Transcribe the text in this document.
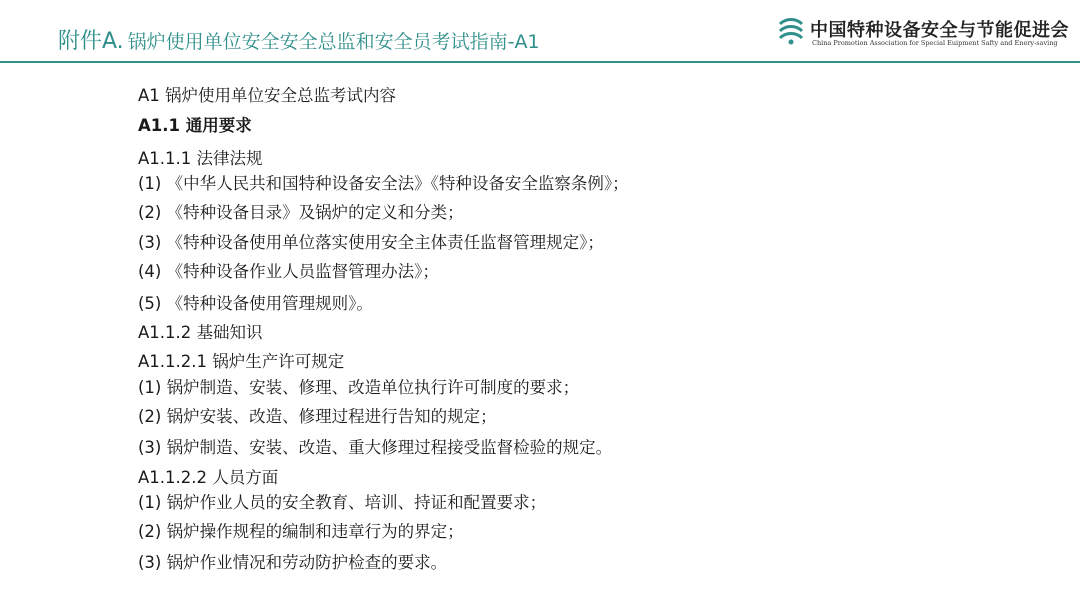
附件A. 锅炉使用单位安全安全总监和安全员考试指南-A1
中国特种设备安全与节能促进会
China Promotion Association for Special Euipment Safty and Enery-saving
A1 锅炉使用单位安全总监考试内容
A1.1 通用要求
A1.1.1 法律法规
(1) 《中华人民共和国特种设备安全法》《特种设备安全监察条例》；
(2) 《特种设备目录》及锅炉的定义和分类；
(3) 《特种设备使用单位落实使用安全主体责任监督管理规定》；
(4) 《特种设备作业人员监督管理办法》；
(5) 《特种设备使用管理规则》。
A1.1.2 基础知识
A1.1.2.1 锅炉生产许可规定
(1) 锅炉制造、安装、修理、改造单位执行许可制度的要求；
(2) 锅炉安装、改造、修理过程进行告知的规定；
(3) 锅炉制造、安装、改造、重大修理过程接受监督检验的规定。
A1.1.2.2 人员方面
(1) 锅炉作业人员的安全教育、培训、持证和配置要求；
(2) 锅炉操作规程的编制和违章行为的界定；
(3) 锅炉作业情况和劳动防护检查的要求。
